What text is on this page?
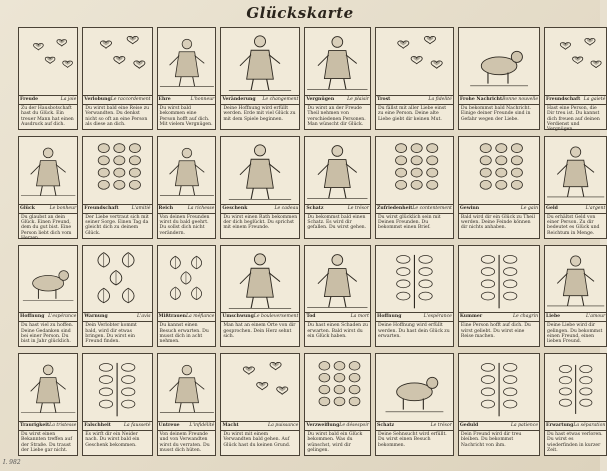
Glückskarte
Freude	La joie
Zu der Hausbotschaft hast du Glück. Ein treuer Mann hat einen Ausdruck auf dich.
Verlobung Le raccordement
Du wirst bald eine Reise zu Verwandten. Du denkst nicht so oft an eine Person als diese an dich.
Ehre	L'honneur
Du wirst bald bekommen eine Person hofft auf dich. Mit vielem Vergnügen.
Veränderung Le changement
Deine Hoffnung wird erfüllt werden. Erde mit viel Glück zu mit dem Spiele beginnen.
Vergnügen	Le plaisir
Du wirst an der Freude Theil nehmen von verschiedenen Personen. Man wünscht dir Glück.
Trost	La fidelité
Du fällst mit aller Liebe einst zu eine Person. Deine alte Liebe giebt dir keinen Mut.
Frohe Nachricht Bonne nouvelle
Du bekommst bald Nachricht. Einige deiner Freunde sind in Gefahr wegen der Liebe.
Freundschaft La gaieté
Hast eine Person, die Dir treu ist. Du kannst dich freuen auf deinen Verdienst und Vergnügen.
Glück	Le bonheur
Du glaubst an dein Glück. Einen Freund, dem du gut bist. Eine Person liebt dich vom Herzen.
Freundschaft	L'amitié
Der Liebe vertraut sich mit seiner Sorge. Einen Tag da gleicht dich zu deinem Glück.
Reich	La richesse
Von deinen Freunden wirst du bald geehrt. Du sollst dich nicht verändern.
Geschenk	Le cadeau
Du wirst einen Rath bekommen der dich beglückt. Du sprichst mit einem Freunde.
Schatz	Le trésor
Du bekommst bald einen Schatz. Es wird dir gefallen. Du wirst gehen.
Zufriedenheit Le contentement
Du wirst glücklich sein mit Deinen Freunden. Du bekommst einen Brief.
Gewinn	Le gain
Bald wird dir ein Glück zu Theil werden. Deine Feinde können dir nichts anhaben.
Geld	L'argent
Du erhältst Geld von einer Person. Zu dir bedeutet es Glück und Reichtum in Menge.
Hoffnung L'espérance
Du hast viel zu hoffen. Deine Gedanken sind bei einer Person. Du bist in Jahr glücklich.
Warnung	L'avis
Dein Verlobter kommt bald, wird dir etwas bringen. Du wirst ein Freund finden.
Mißtrauen La méfiance
Du kannst einen Besuch erwarten. Du musst dich in acht nehmen.
Umschwung Le bouleversement
Man hat an einem Orte von dir gesprochen. Dein Herz sehnt sich.
Tod	La mort
Du hast einen Schaden zu erwarten. Bald wirst du ein Glück haben.
Hoffnung	L'espérance
Deine Hoffnung wird erfüllt werden. Du hast dein Glück zu erwarten.
Kummer	Le chagrin
Eine Person hofft auf dich. Du wirst geliebt. Du wirst eine Reise machen.
Liebe	L'amour
Deine Liebe wird dir gelingen. Du bekommst einen Freund, einen lieben Freund.
Traurigkeit La tristesse
Du wirst einen Bekannten treffen auf der Straße. Du traust der Liebe gar nicht.
Falschheit	La fausseté
Es wirft dir ein Neider nach. Du wirst bald ein Geschenk bekommen.
Untreue L'infidélité
Von deinem Freunde und von Verwandten wirst du verraten. Du musst dich hüten.
Macht	La puissance
Du wirst mit einem Verwandten bald gehen. Auf Glück hast du keinen Grund.
Verzweiflung Le désespoir
Du wirst bald ein Glück bekommen. Was du wünschst, wird dir gelingen.
Schatz	Le trésor
Deine Sehnsucht wird erfüllt. Du wirst einen Besuch bekommen.
Geduld	La patience
Dein Freund wird dir treu bleiben. Du bekommst Nachricht von ihm.
Erwartung La séparation
Du hast etwas verloren. Du wirst es wiederfinden in kurzer Zeit.
I. 982
